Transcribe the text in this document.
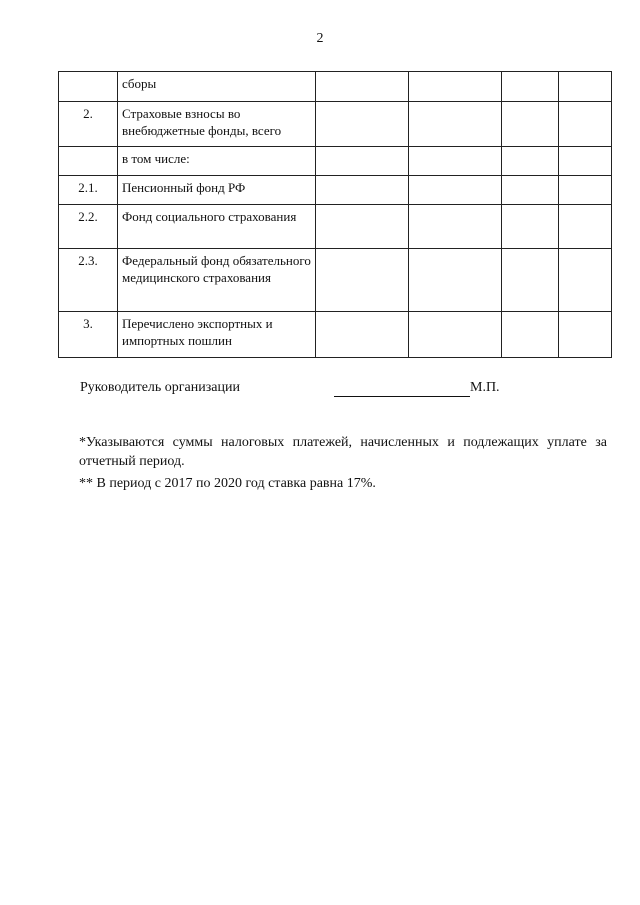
2
	сборы				
2.	Страховые взносы во внебюджетные фонды, всего				
	в том числе:				
2.1.	Пенсионный фонд РФ				
2.2.	Фонд социального страхования				
2.3.	Федеральный фонд обязательного медицинского страхования				
3.	Перечислено экспортных и импортных пошлин				
Руководитель организации	М.П.
*Указываются суммы налоговых платежей, начисленных и подлежащих уплате за отчетный период.
** В период с 2017 по 2020 год ставка равна 17%.
